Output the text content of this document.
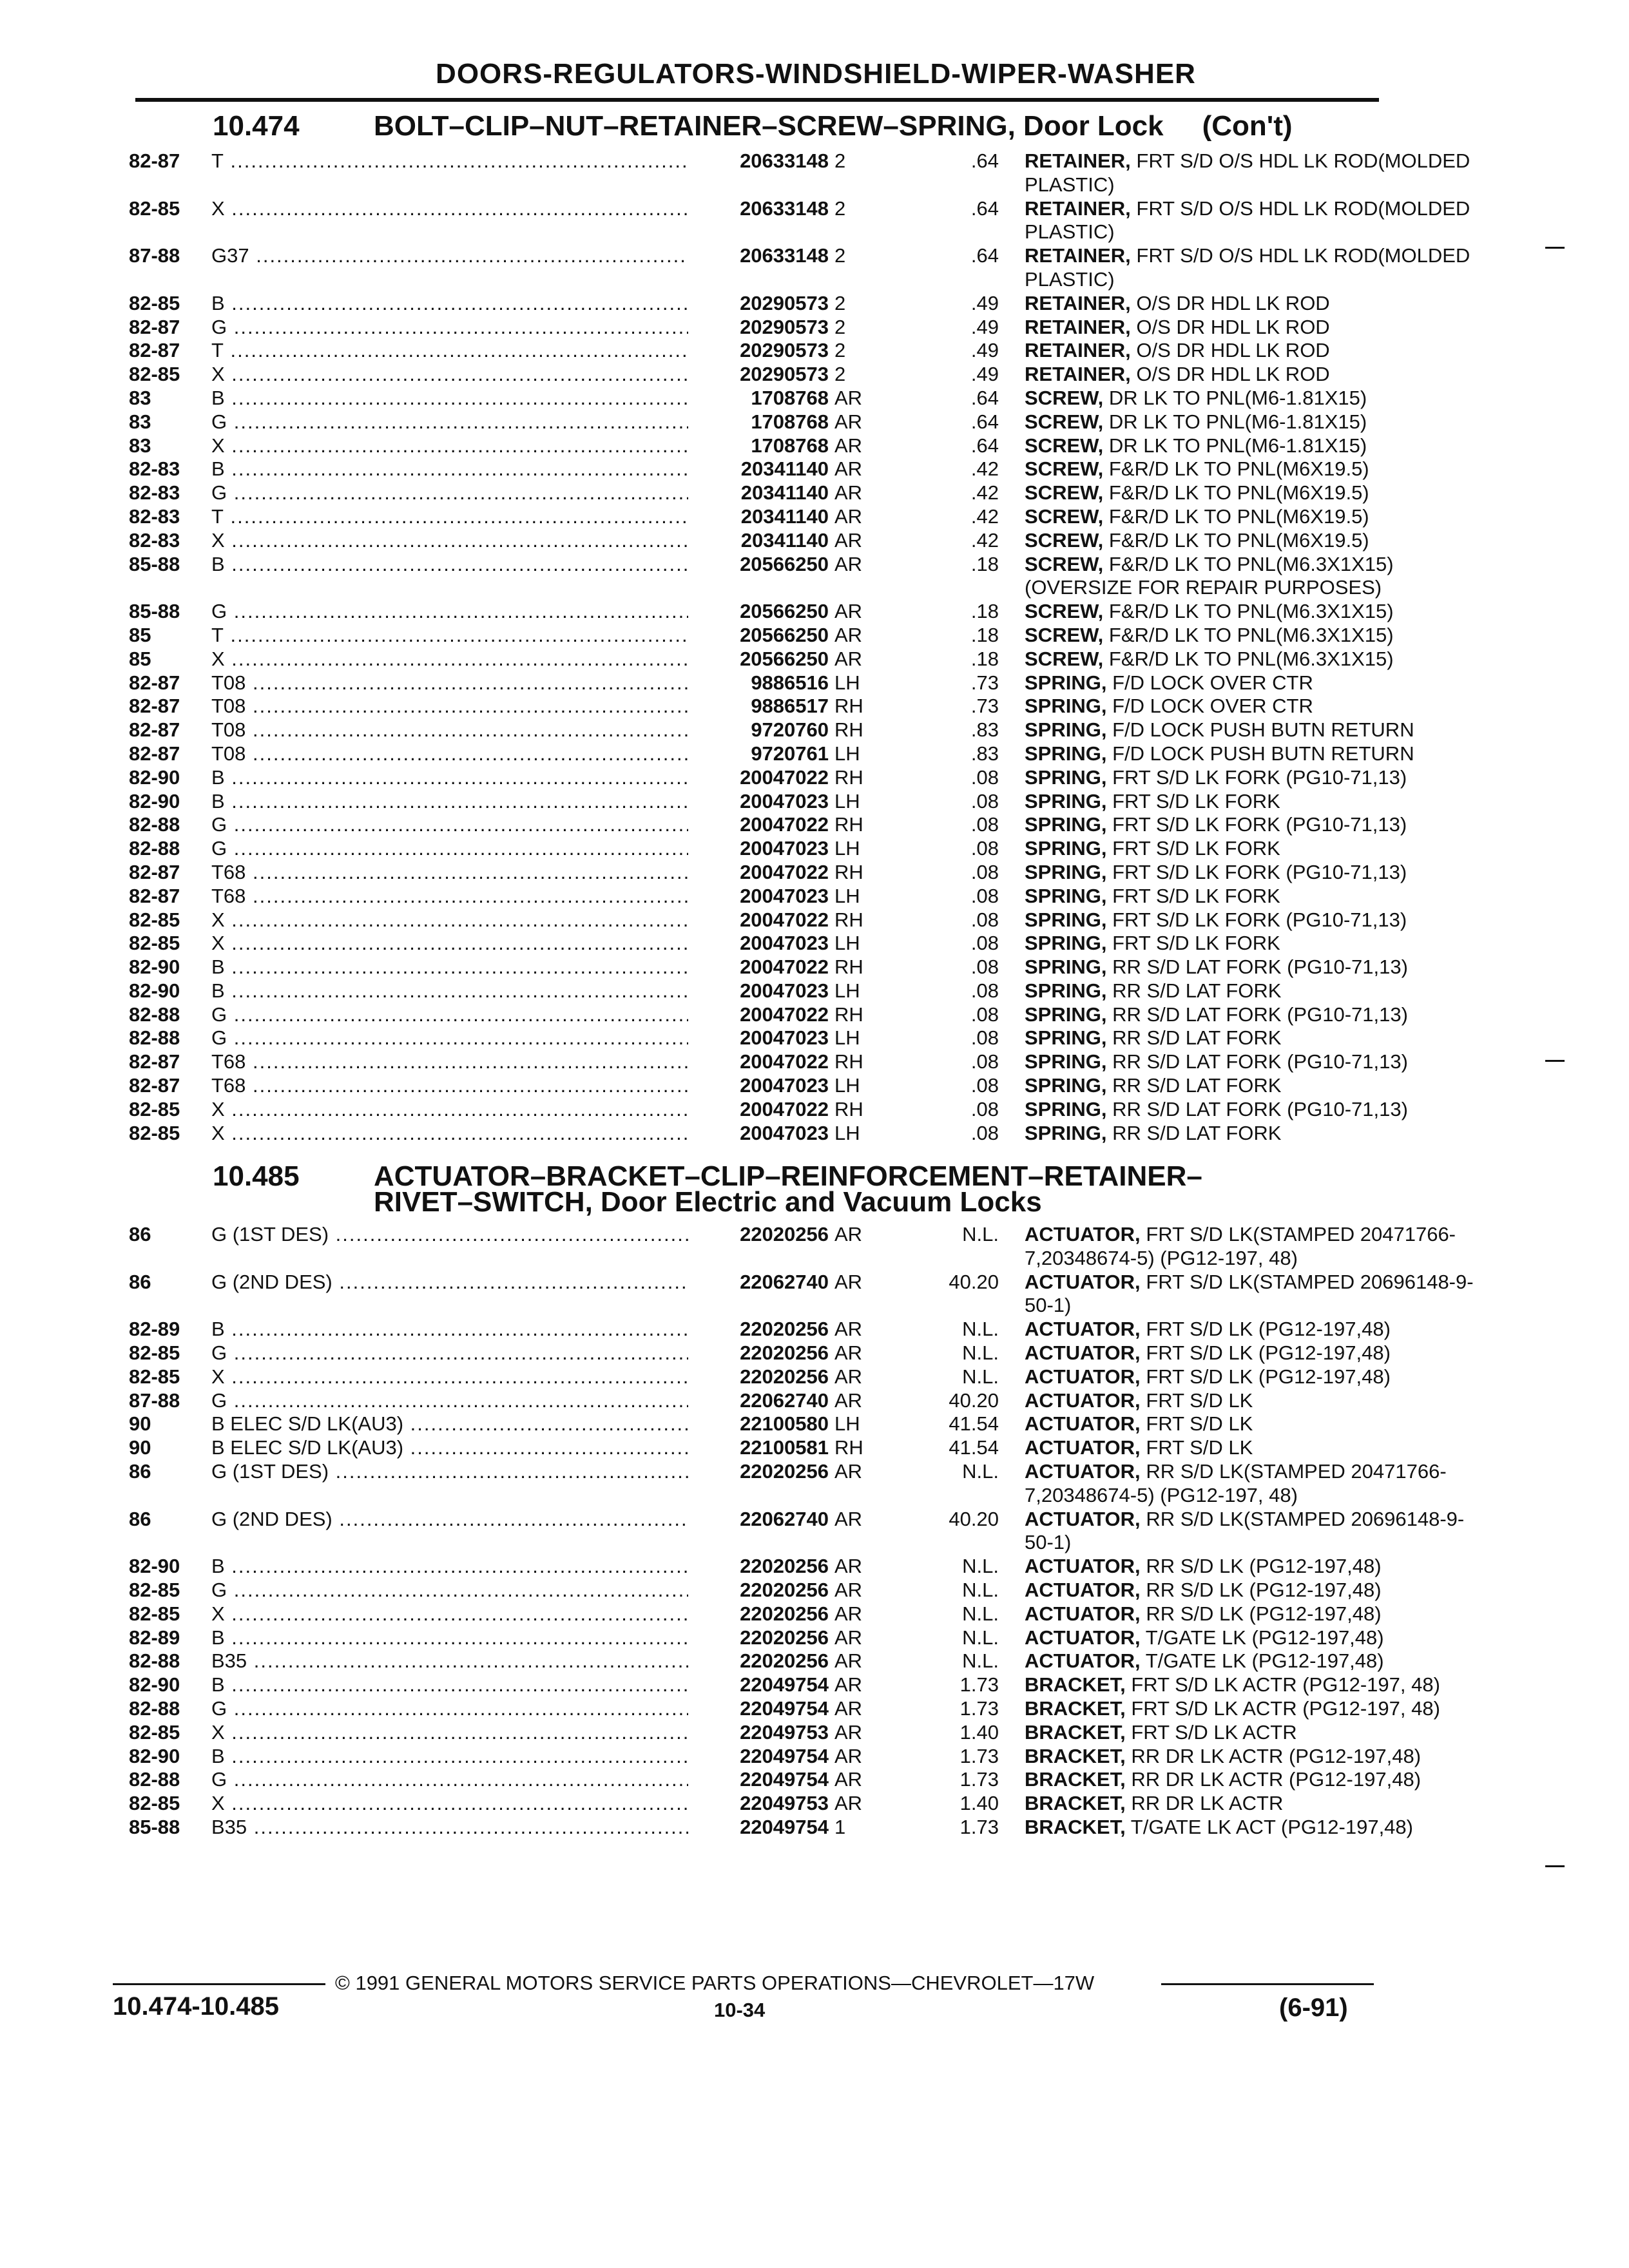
DOORS-REGULATORS-WINDSHIELD-WIPER-WASHER
10.474	BOLT–CLIP–NUT–RETAINER–SCREW–SPRING, Door Lock (Con't)
82-87 T .....	20633148 2	.64 RETAINER, FRT S/D O/S HDL LK ROD(MOLDED PLASTIC)
82-85 X .....	20633148 2	.64 RETAINER, FRT S/D O/S HDL LK ROD(MOLDED PLASTIC)
87-88 G37 .....	20633148 2	.64 RETAINER, FRT S/D O/S HDL LK ROD(MOLDED PLASTIC)
82-85 B .....	20290573 2	.49 RETAINER, O/S DR HDL LK ROD
82-87 G .....	20290573 2	.49 RETAINER, O/S DR HDL LK ROD
82-87 T .....	20290573 2	.49 RETAINER, O/S DR HDL LK ROD
82-85 X .....	20290573 2	.49 RETAINER, O/S DR HDL LK ROD
83	B .....	1708768 AR	.64 SCREW, DR LK TO PNL(M6-1.81X15)
83	G .....	1708768 AR	.64 SCREW, DR LK TO PNL(M6-1.81X15)
83	X .....	1708768 AR	.64 SCREW, DR LK TO PNL(M6-1.81X15)
82-83 B .....	20341140 AR	.42 SCREW, F&R/D LK TO PNL(M6X19.5)
82-83 G .....	20341140 AR	.42 SCREW, F&R/D LK TO PNL(M6X19.5)
82-83 T .....	20341140 AR	.42 SCREW, F&R/D LK TO PNL(M6X19.5)
82-83 X .....	20341140 AR	.42 SCREW, F&R/D LK TO PNL(M6X19.5)
85-88 B .....	20566250 AR	.18 SCREW, F&R/D LK TO PNL(M6.3X1X15) (OVERSIZE FOR REPAIR PURPOSES)
85-88 G .....	20566250 AR	.18 SCREW, F&R/D LK TO PNL(M6.3X1X15)
85	T .....	20566250 AR	.18 SCREW, F&R/D LK TO PNL(M6.3X1X15)
85	X .....	20566250 AR	.18 SCREW, F&R/D LK TO PNL(M6.3X1X15)
82-87 T08 .....	9886516 LH	.73 SPRING, F/D LOCK OVER CTR
82-87 T08 .....	9886517 RH	.73 SPRING, F/D LOCK OVER CTR
82-87 T08 .....	9720760 RH	.83 SPRING, F/D LOCK PUSH BUTN RETURN
82-87 T08 .....	9720761 LH	.83 SPRING, F/D LOCK PUSH BUTN RETURN
82-90 B .....	20047022 RH	.08 SPRING, FRT S/D LK FORK (PG10-71,13)
82-90 B .....	20047023 LH	.08 SPRING, FRT S/D LK FORK
82-88 G .....	20047022 RH	.08 SPRING, FRT S/D LK FORK (PG10-71,13)
82-88 G .....	20047023 LH	.08 SPRING, FRT S/D LK FORK
82-87 T68 .....	20047022 RH	.08 SPRING, FRT S/D LK FORK (PG10-71,13)
82-87 T68 .....	20047023 LH	.08 SPRING, FRT S/D LK FORK
82-85 X .....	20047022 RH	.08 SPRING, FRT S/D LK FORK (PG10-71,13)
82-85 X .....	20047023 LH	.08 SPRING, FRT S/D LK FORK
82-90 B .....	20047022 RH	.08 SPRING, RR S/D LAT FORK (PG10-71,13)
82-90 B .....	20047023 LH	.08 SPRING, RR S/D LAT FORK
82-88 G .....	20047022 RH	.08 SPRING, RR S/D LAT FORK (PG10-71,13)
82-88 G .....	20047023 LH	.08 SPRING, RR S/D LAT FORK
82-87 T68 .....	20047022 RH	.08 SPRING, RR S/D LAT FORK (PG10-71,13)
82-87 T68 .....	20047023 LH	.08 SPRING, RR S/D LAT FORK
82-85 X .....	20047022 RH	.08 SPRING, RR S/D LAT FORK (PG10-71,13)
82-85 X .....	20047023 LH	.08 SPRING, RR S/D LAT FORK
10.485	ACTUATOR–BRACKET–CLIP–REINFORCEMENT–RETAINER–
RIVET–SWITCH, Door Electric and Vacuum Locks
86	G (1ST DES) .....	22020256 AR	N.L. ACTUATOR, FRT S/D LK(STAMPED 20471766-7,20348674-5) (PG12-197, 48)
86	G (2ND DES) .....	22062740 AR	40.20 ACTUATOR, FRT S/D LK(STAMPED 20696148-9-50-1)
82-89 B .....	22020256 AR	N.L. ACTUATOR, FRT S/D LK (PG12-197,48)
82-85 G .....	22020256 AR	N.L. ACTUATOR, FRT S/D LK (PG12-197,48)
82-85 X .....	22020256 AR	N.L. ACTUATOR, FRT S/D LK (PG12-197,48)
87-88 G .....	22062740 AR	40.20 ACTUATOR, FRT S/D LK
90	B ELEC S/D LK(AU3) .....	22100580 LH	41.54 ACTUATOR, FRT S/D LK
90	B ELEC S/D LK(AU3) .....	22100581 RH	41.54 ACTUATOR, FRT S/D LK
86	G (1ST DES) .....	22020256 AR	N.L. ACTUATOR, RR S/D LK(STAMPED 20471766-7,20348674-5) (PG12-197, 48)
86	G (2ND DES) .....	22062740 AR	40.20 ACTUATOR, RR S/D LK(STAMPED 20696148-9-50-1)
82-90 B .....	22020256 AR	N.L. ACTUATOR, RR S/D LK (PG12-197,48)
82-85 G .....	22020256 AR	N.L. ACTUATOR, RR S/D LK (PG12-197,48)
82-85 X .....	22020256 AR	N.L. ACTUATOR, RR S/D LK (PG12-197,48)
82-89 B .....	22020256 AR	N.L. ACTUATOR, T/GATE LK (PG12-197,48)
82-88 B35 .....	22020256 AR	N.L. ACTUATOR, T/GATE LK (PG12-197,48)
82-90 B .....	22049754 AR	1.73 BRACKET, FRT S/D LK ACTR (PG12-197, 48)
82-88 G .....	22049754 AR	1.73 BRACKET, FRT S/D LK ACTR (PG12-197, 48)
82-85 X .....	22049753 AR	1.40 BRACKET, FRT S/D LK ACTR
82-90 B .....	22049754 AR	1.73 BRACKET, RR DR LK ACTR (PG12-197,48)
82-88 G .....	22049754 AR	1.73 BRACKET, RR DR LK ACTR (PG12-197,48)
82-85 X .....	22049753 AR	1.40 BRACKET, RR DR LK ACTR
85-88 B35 .....	22049754 1	1.73 BRACKET, T/GATE LK ACT (PG12-197,48)
© 1991 GENERAL MOTORS SERVICE PARTS OPERATIONS—CHEVROLET—17W
10.474-10.485	10-34	(6-91)
